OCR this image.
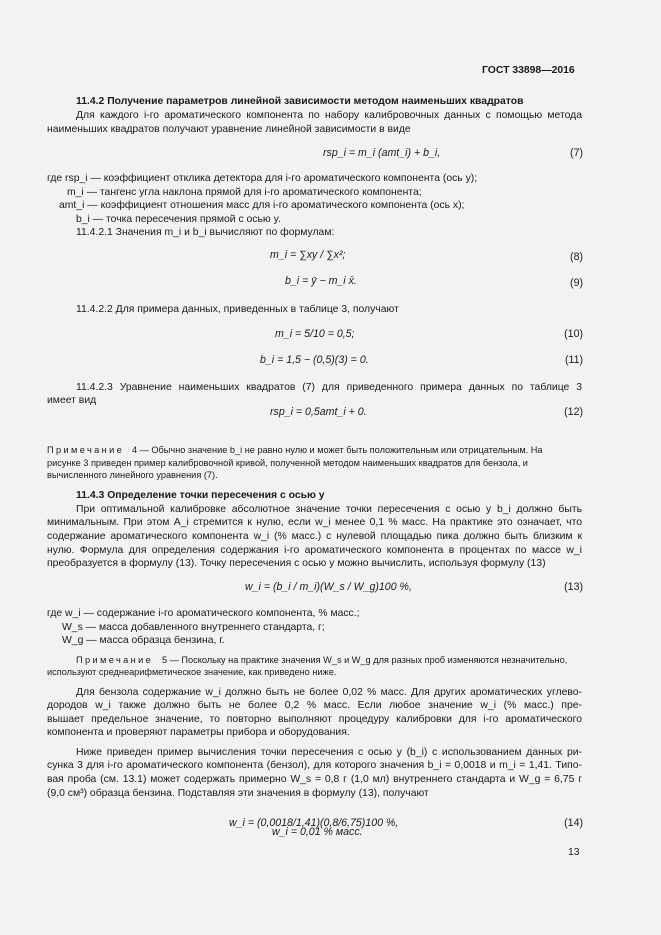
ГОСТ 33898—2016
11.4.2 Получение параметров линейной зависимости методом наименьших квадратов
Для каждого i-го ароматического компонента по набору калибровочных данных с помощью метода
наименьших квадратов получают уравнение линейной зависимости в виде
rsp_i = m_i (amt_i) + b_i,	(7)
где rsp_i — коэффициент отклика детектора для i-го ароматического компонента (ось y);
m_i — тангенс угла наклона прямой для i-го ароматического компонента;
amt_i — коэффициент отношения масс для i-го ароматического компонента (ось x);
b_i — точка пересечения прямой с осью y.
11.4.2.1 Значения m_i и b_i вычисляют по формулам:
m_i = ∑xy / ∑x²;	(8)
b_i = ȳ − m_i x̄.	(9)
11.4.2.2 Для примера данных, приведенных в таблице 3, получают
m_i = 5/10 = 0,5;	(10)
b_i = 1,5 − (0,5)(3) = 0.	(11)
11.4.2.3 Уравнение наименьших квадратов (7) для приведенного примера данных по таблице 3
имеет вид
rsp_i = 0,5amt_i + 0.	(12)
Примечание 4 — Обычно значение b_i не равно нулю и может быть положительным или отрицательным. На
рисунке 3 приведен пример калибровочной кривой, полученной методом наименьших квадратов для бензола, и
вычисленного линейного уравнения (7).
11.4.3 Определение точки пересечения с осью y
При оптимальной калибровке абсолютное значение точки пересечения с осью y b_i должно быть
минимальным. При этом A_i стремится к нулю, если w_i менее 0,1 % масс. На практике это означает, что
содержание ароматического компонента w_i (% масс.) с нулевой площадью пика должно быть близким к
нулю. Формула для определения содержания i-го ароматического компонента в процентах по массе w_i
преобразуется в формулу (13). Точку пересечения с осью y можно вычислить, используя формулу (13)
w_i = (b_i / m_i)(W_s / W_g)100 %,	(13)
где w_i — содержание i-го ароматического компонента, % масс.;
W_s — масса добавленного внутреннего стандарта, г;
W_g — масса образца бензина, г.
Примечание 5 — Поскольку на практике значения W_s и W_g для разных проб изменяются незначительно,
используют среднеарифметическое значение, как приведено ниже.
Для бензола содержание w_i должно быть не более 0,02 % масс. Для других ароматических углево-
дородов w_i также должно быть не более 0,2 % масс. Если любое значение w_i (% масс.) пре-
вышает предельное значение, то повторно выполняют процедуру калибровки для i-го ароматического
компонента и проверяют параметры прибора и оборудования.
Ниже приведен пример вычисления точки пересечения с осью y (b_i) с использованием данных ри-
сунка 3 для i-го ароматического компонента (бензол), для которого значения b_i = 0,0018 и m_i = 1,41. Типо-
вая проба (см. 13.1) может содержать примерно W_s = 0,8 г (1,0 мл) внутреннего стандарта и W_g = 6,75 г
(9,0 см³) образца бензина. Подставляя эти значения в формулу (13), получают
w_i = (0,0018/1,41)(0,8/6,75)100 %,	(14)
w_i = 0,01 % масс.
13
